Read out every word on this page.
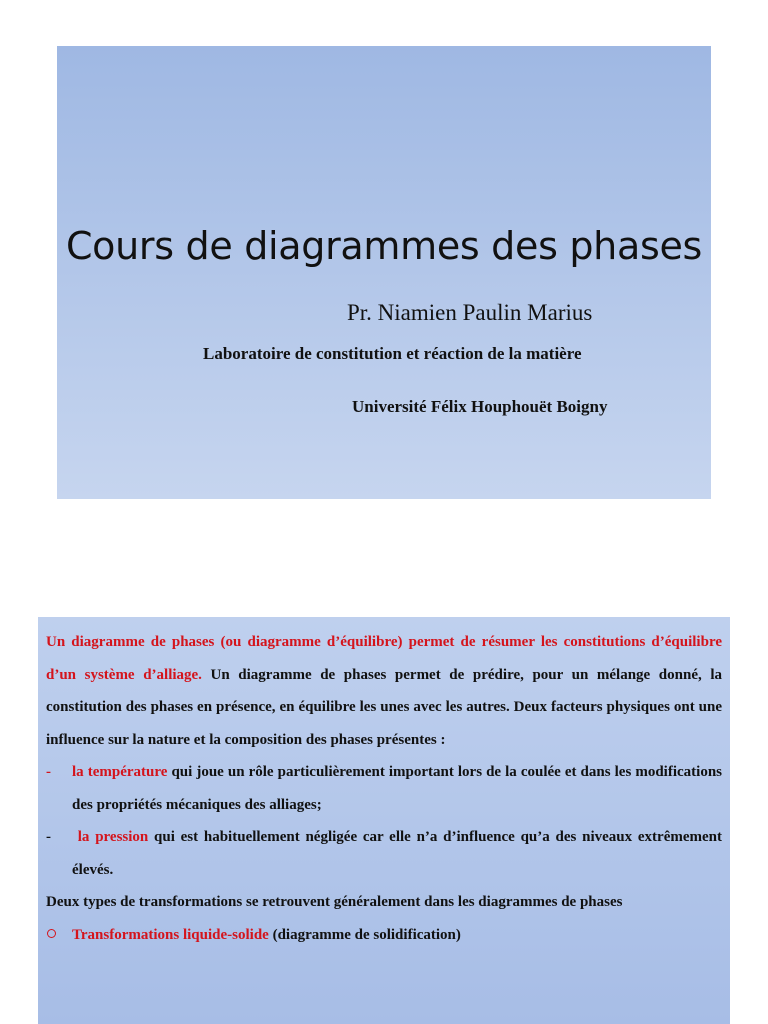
Cours de diagrammes des phases
Pr. Niamien Paulin Marius
Laboratoire de constitution et réaction de la matière
Université Félix Houphouët Boigny

Un diagramme de phases (ou diagramme d’équilibre) permet de résumer les constitutions d’équilibre d’un système d’alliage. Un diagramme de phases permet de prédire, pour un mélange donné, la constitution des phases en présence, en équilibre les unes avec les autres. Deux facteurs physiques ont une influence sur la nature et la composition des phases présentes :

- la température qui joue un rôle particulièrement important lors de la coulée et dans les modifications des propriétés mécaniques des alliages;

- la pression qui est habituellement négligée car elle n’a d’influence qu’a des niveaux extrêmement élevés.

Deux types de transformations se retrouvent généralement dans les diagrammes de phases

Transformations liquide-solide (diagramme de solidification)
